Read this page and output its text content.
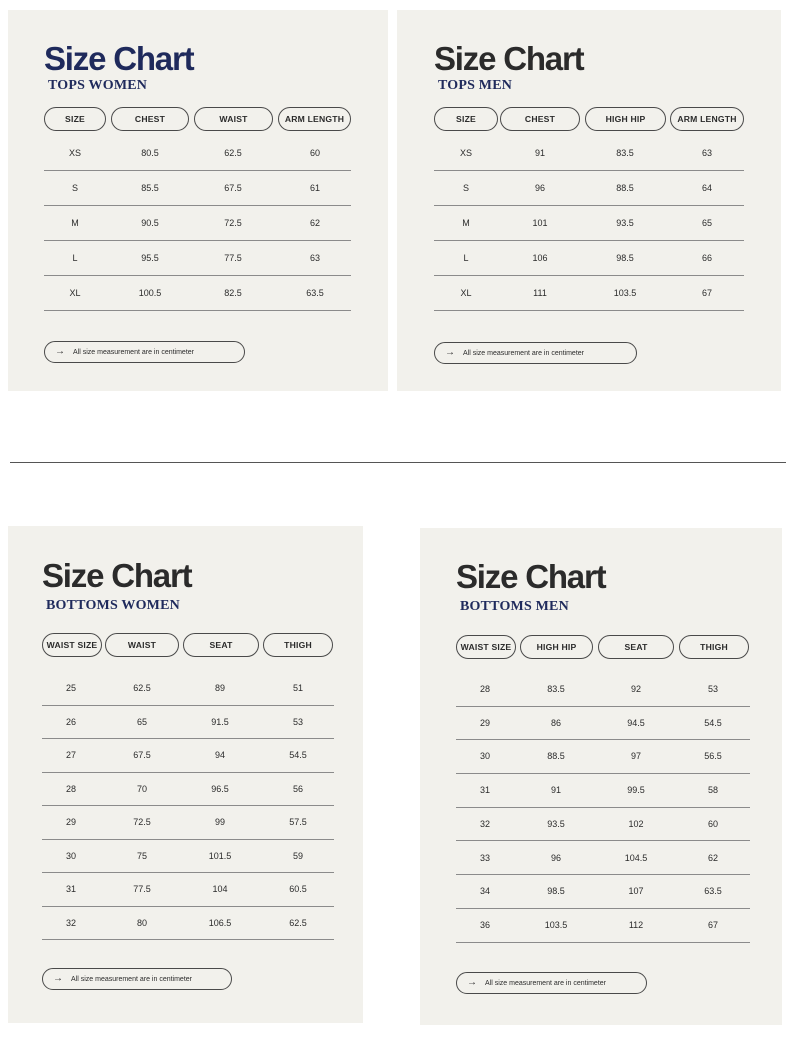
Size Chart
TOPS WOMEN
SIZE	CHEST	WAIST	ARM LENGTH
XS	80.5	62.5	60
S	85.5	67.5	61
M	90.5	72.5	62
L	95.5	77.5	63
XL	100.5	82.5	63.5
→ All size measurement are in centimeter
Size Chart
TOPS MEN
SIZE	CHEST	HIGH HIP	ARM LENGTH
XS	91	83.5	63
S	96	88.5	64
M	101	93.5	65
L	106	98.5	66
XL	111	103.5	67
→ All size measurement are in centimeter
Size Chart
BOTTOMS WOMEN
WAIST SIZE	WAIST	SEAT	THIGH
25	62.5	89	51
26	65	91.5	53
27	67.5	94	54.5
28	70	96.5	56
29	72.5	99	57.5
30	75	101.5	59
31	77.5	104	60.5
32	80	106.5	62.5
→ All size measurement are in centimeter
Size Chart
BOTTOMS MEN
WAIST SIZE	HIGH HIP	SEAT	THIGH
28	83.5	92	53
29	86	94.5	54.5
30	88.5	97	56.5
31	91	99.5	58
32	93.5	102	60
33	96	104.5	62
34	98.5	107	63.5
36	103.5	112	67
→ All size measurement are in centimeter
